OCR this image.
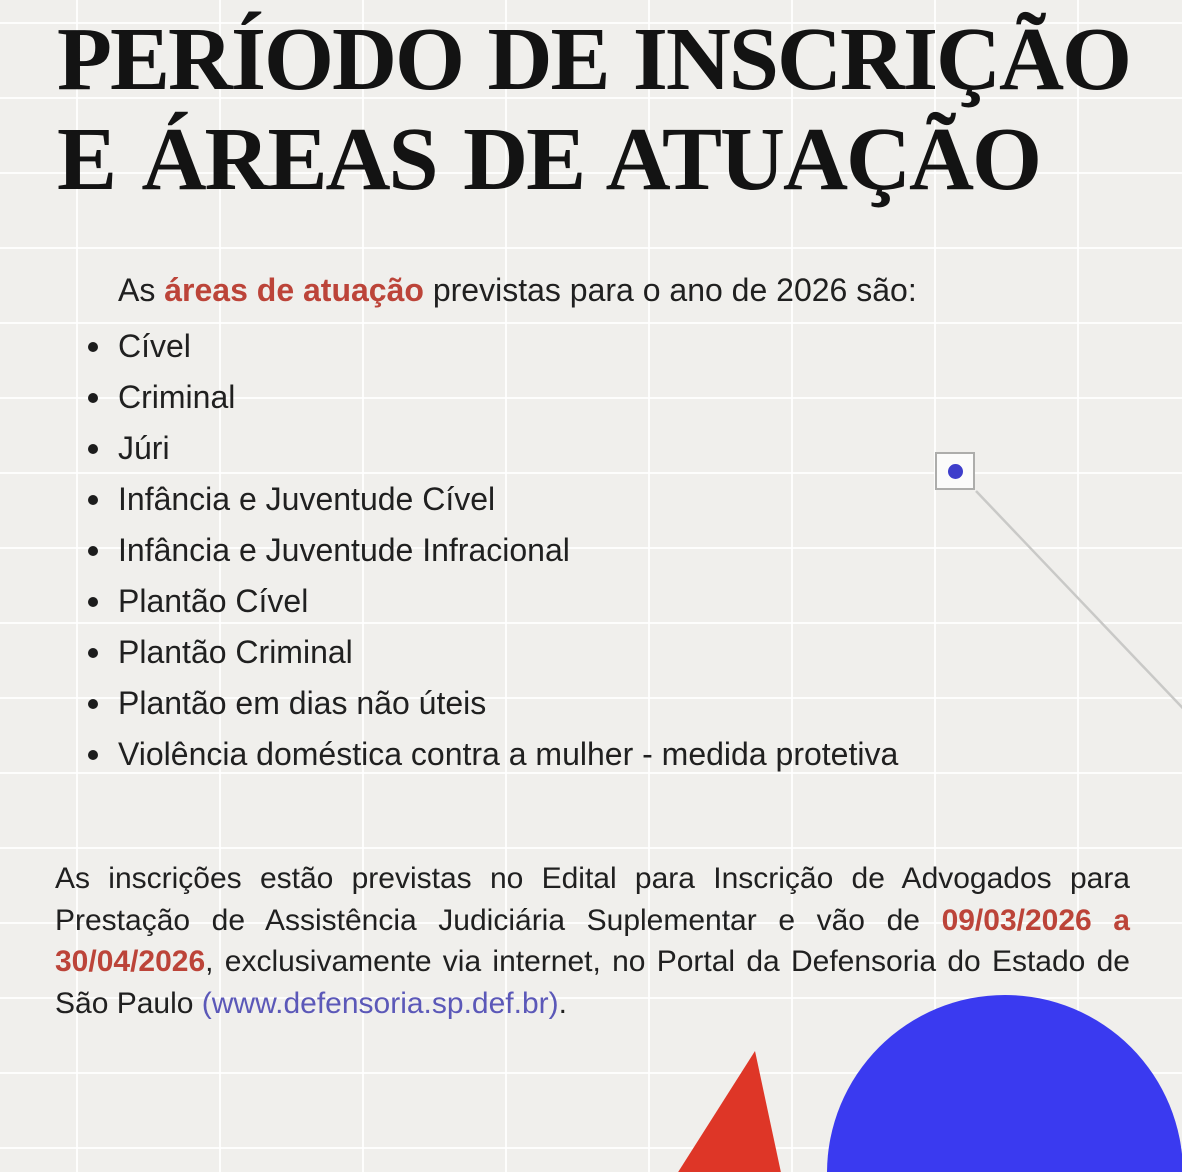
PERÍODO DE INSCRIÇÃO
E ÁREAS DE ATUAÇÃO
As áreas de atuação previstas para o ano de 2026 são:
Cível
Criminal
Júri
Infância e Juventude Cível
Infância e Juventude Infracional
Plantão Cível
Plantão Criminal
Plantão em dias não úteis
Violência doméstica contra a mulher - medida protetiva
As inscrições estão previstas no Edital para Inscrição de Advogados para Prestação de Assistência Judiciária Suplementar e vão de 09/03/2026 a 30/04/2026, exclusivamente via internet, no Portal da Defensoria do Estado de São Paulo (www.defensoria.sp.def.br).
